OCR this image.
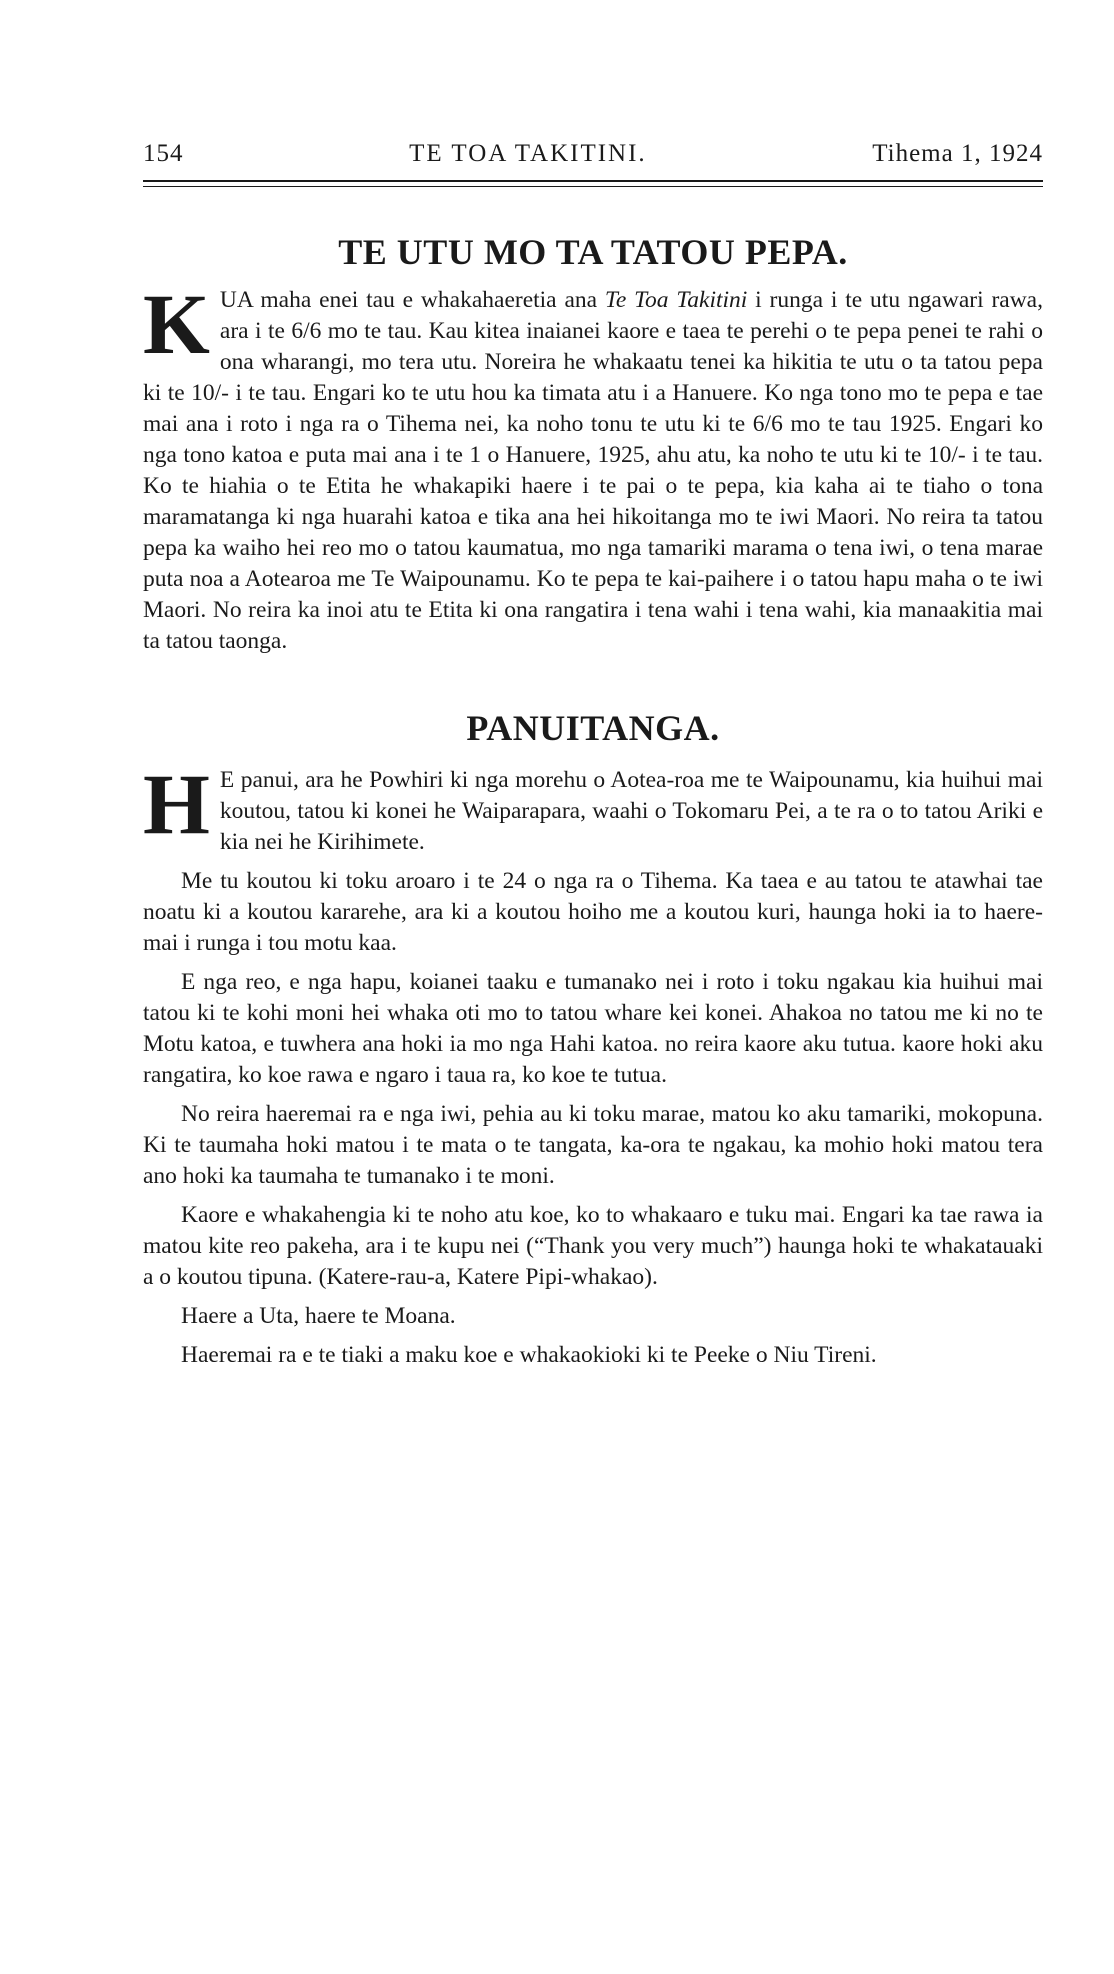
154	TE TOA TAKITINI.	Tihema 1, 1924
TE UTU MO TA TATOU PEPA.

KUA maha enei tau e whakahaeretia ana Te Toa Takitini i runga i te utu ngawari rawa, ara i te 6/6 mo te tau. Kau kitea inaianei kaore e taea te perehi o te pepa penei te rahi o ona wharangi, mo tera utu. Noreira he whakaatu tenei ka hikitia te utu o ta tatou pepa ki te 10/- i te tau. Engari ko te utu hou ka timata atu i a Hanuere. Ko nga tono mo te pepa e tae mai ana i roto i nga ra o Tihema nei, ka noho tonu te utu ki te 6/6 mo te tau 1925. Engari ko nga tono katoa e puta mai ana i te 1 o Hanuere, 1925, ahu atu, ka noho te utu ki te 10/- i te tau. Ko te hiahia o te Etita he whakapiki haere i te pai o te pepa, kia kaha ai te tiaho o tona maramatanga ki nga huarahi katoa e tika ana hei hikoitanga mo te iwi Maori. No reira ta tatou pepa ka waiho hei reo mo o tatou kaumatua, mo nga tamariki marama o tena iwi, o tena marae puta noa a Aotearoa me Te Waipounamu. Ko te pepa te kai-paihere i o tatou hapu maha o te iwi Maori. No reira ka inoi atu te Etita ki ona rangatira i tena wahi i tena wahi, kia manaakitia mai ta tatou taonga.

PANUITANGA.

H E panui, ara he Powhiri ki nga morehu o Aotea-roa me te Waipounamu, kia huihui mai koutou, tatou ki konei he Waiparapara, waahi o Tokomaru Pei, a te ra o to tatou Ariki e kia nei he Kirihimete.

Me tu koutou ki toku aroaro i te 24 o nga ra o Tihema. Ka taea e au tatou te atawhai tae noatu ki a koutou kararehe, ara ki a koutou hoiho me a koutou kuri, haunga hoki ia to haere-mai i runga i tou motu kaa.

E nga reo, e nga hapu, koianei taaku e tumanako nei i roto i toku ngakau kia huihui mai tatou ki te kohi moni hei whaka oti mo to tatou whare kei konei. Ahakoa no tatou me ki no te Motu katoa, e tuwhera ana hoki ia mo nga Hahi katoa. no reira kaore aku tutua. kaore hoki aku rangatira, ko koe rawa e ngaro i taua ra, ko koe te tutua.

No reira haeremai ra e nga iwi, pehia au ki toku marae, matou ko aku tamariki, mokopuna. Ki te taumaha hoki matou i te mata o te tangata, ka-ora te ngakau, ka mohio hoki matou tera ano hoki ka taumaha te tumanako i te moni.

Kaore e whakahengia ki te noho atu koe, ko to whakaaro e tuku mai. Engari ka tae rawa ia matou kite reo pakeha, ara i te kupu nei (“Thank you very much”) haunga hoki te whakatauaki a o koutou tipuna. (Katere-rau-a, Katere Pipi-whakao).

Haere a Uta, haere te Moana.

Haeremai ra e te tiaki a maku koe e whakaokioki ki te Peeke o Niu Tireni.
